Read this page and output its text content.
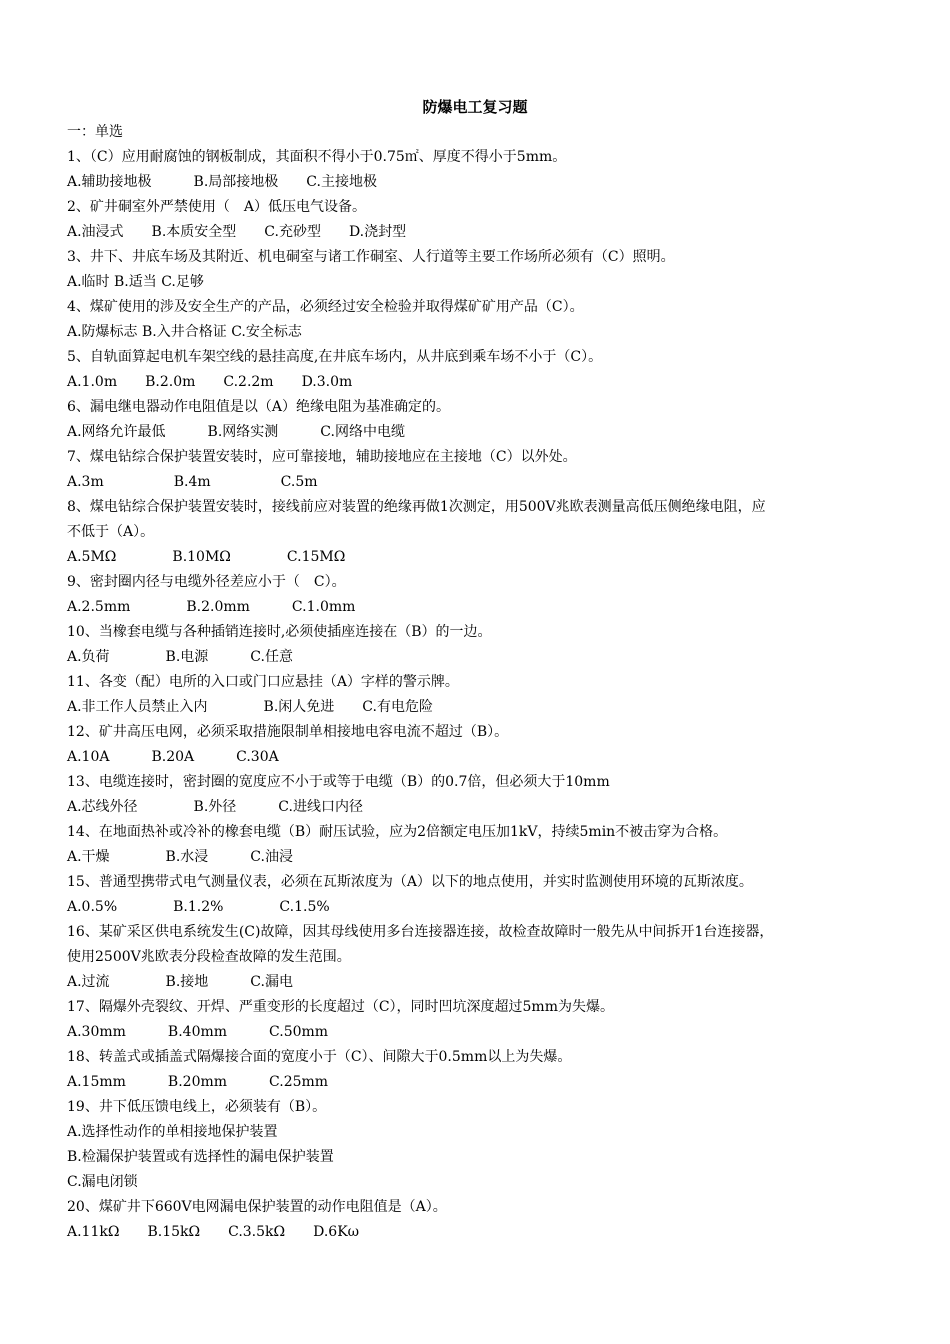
防爆电工复习题
一：单选
1、（C）应用耐腐蚀的钢板制成，其面积不得小于0.75㎡、厚度不得小于5mm。
A.辅助接地极　　　B.局部接地极　　C.主接地极
2、矿井硐室外严禁使用（　A）低压电气设备。
A.油浸式　　B.本质安全型　　C.充砂型　　D.浇封型
3、井下、井底车场及其附近、机电硐室与诸工作硐室、人行道等主要工作场所必须有（C）照明。
A.临时 B.适当 C.足够
4、煤矿使用的涉及安全生产的产品，必须经过安全检验并取得煤矿矿用产品（C）。
A.防爆标志 B.入井合格证 C.安全标志
5、自轨面算起电机车架空线的悬挂高度,在井底车场内，从井底到乘车场不小于（C）。
A.1.0m　　B.2.0m　　C.2.2m　　D.3.0m
6、漏电继电器动作电阻值是以（A）绝缘电阻为基准确定的。
A.网络允许最低　　　B.网络实测　　　C.网络中电缆
7、煤电钻综合保护装置安装时，应可靠接地，辅助接地应在主接地（C）以外处。
A.3m　　　　　B.4m　　　　　C.5m
8、煤电钻综合保护装置安装时，接线前应对装置的绝缘再做1次测定，用500V兆欧表测量高低压侧绝缘电阻，应
不低于（A）。
A.5MΩ　　　　B.10MΩ　　　　C.15MΩ
9、密封圈内径与电缆外径差应小于（　C）。
A.2.5mm　　　　B.2.0mm　　　C.1.0mm
10、当橡套电缆与各种插销连接时,必须使插座连接在（B）的一边。
A.负荷　　　　B.电源　　　C.任意
11、各变（配）电所的入口或门口应悬挂（A）字样的警示牌。
A.非工作人员禁止入内　　　　B.闲人免进　　C.有电危险
12、矿井高压电网，必须采取措施限制单相接地电容电流不超过（B）。
A.10A　　　B.20A　　　C.30A
13、电缆连接时，密封圈的宽度应不小于或等于电缆（B）的0.7倍，但必须大于10mm
A.芯线外径　　　　B.外径　　　C.进线口内径
14、在地面热补或冷补的橡套电缆（B）耐压试验，应为2倍额定电压加1kV，持续5min不被击穿为合格。
A.干燥　　　　B.水浸　　　C.油浸
15、普通型携带式电气测量仪表，必须在瓦斯浓度为（A）以下的地点使用，并实时监测使用环境的瓦斯浓度。
A.0.5%　　　　B.1.2%　　　　C.1.5%
16、某矿采区供电系统发生(C)故障，因其母线使用多台连接器连接，故检查故障时一般先从中间拆开1台连接器，
使用2500V兆欧表分段检查故障的发生范围。
A.过流　　　　B.接地　　　C.漏电
17、隔爆外壳裂纹、开焊、严重变形的长度超过（C），同时凹坑深度超过5mm为失爆。
A.30mm　　　B.40mm　　　C.50mm
18、转盖式或插盖式隔爆接合面的宽度小于（C）、间隙大于0.5mm以上为失爆。
A.15mm　　　B.20mm　　　C.25mm
19、井下低压馈电线上，必须装有（B）。
A.选择性动作的单相接地保护装置
B.检漏保护装置或有选择性的漏电保护装置
C.漏电闭锁
20、煤矿井下660V电网漏电保护装置的动作电阻值是（A）。
A.11kΩ　　B.15kΩ　　C.3.5kΩ　　D.6Kω
